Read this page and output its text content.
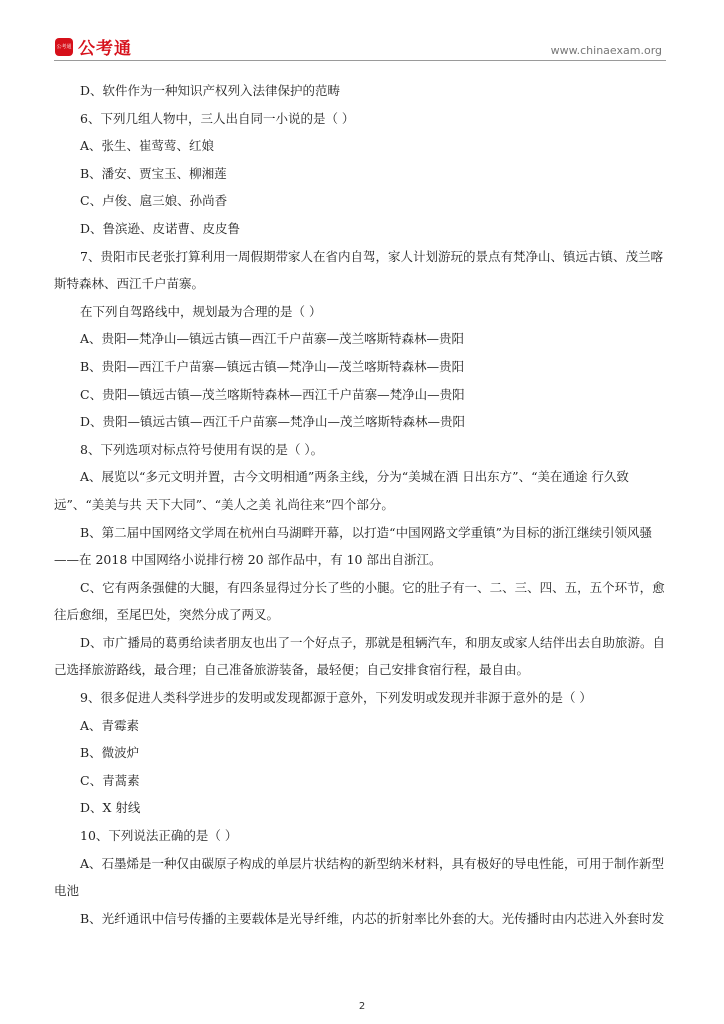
公考通 公考通	www.chinaexam.org
D、软件作为一种知识产权列入法律保护的范畴
6、下列几组人物中，三人出自同一小说的是（ ）
A、张生、崔莺莺、红娘
B、潘安、贾宝玉、柳湘莲
C、卢俊、扈三娘、孙尚香
D、鲁滨逊、皮诺曹、皮皮鲁
7、贵阳市民老张打算利用一周假期带家人在省内自驾，家人计划游玩的景点有梵净山、镇远古镇、茂兰喀
斯特森林、西江千户苗寨。
在下列自驾路线中，规划最为合理的是（ ）
A、贵阳—梵净山—镇远古镇—西江千户苗寨—茂兰喀斯特森林—贵阳
B、贵阳—西江千户苗寨—镇远古镇—梵净山—茂兰喀斯特森林—贵阳
C、贵阳—镇远古镇—茂兰喀斯特森林—西江千户苗寨—梵净山—贵阳
D、贵阳—镇远古镇—西江千户苗寨—梵净山—茂兰喀斯特森林—贵阳
8、下列选项对标点符号使用有误的是（ ）。
A、展览以“多元文明并置，古今文明相通”两条主线，分为“美城在酒 日出东方”、“美在通途 行久致
远”、“美美与共 天下大同”、“美人之美 礼尚往来”四个部分。
B、第二届中国网络文学周在杭州白马湖畔开幕，以打造“中国网路文学重镇”为目标的浙江继续引领风骚
——在 2018 中国网络小说排行榜 20 部作品中，有 10 部出自浙江。
C、它有两条强健的大腿，有四条显得过分长了些的小腿。它的肚子有一、二、三、四、五，五个环节，愈
往后愈细，至尾巴处，突然分成了两叉。
D、市广播局的葛勇给读者朋友也出了一个好点子，那就是租辆汽车，和朋友或家人结伴出去自助旅游。自
己选择旅游路线，最合理；自己准备旅游装备，最轻便；自己安排食宿行程，最自由。
9、很多促进人类科学进步的发明或发现都源于意外，下列发明或发现并非源于意外的是（ ）
A、青霉素
B、微波炉
C、青蒿素
D、X 射线
10、下列说法正确的是（ ）
A、石墨烯是一种仅由碳原子构成的单层片状结构的新型纳米材料，具有极好的导电性能，可用于制作新型
电池
B、光纤通讯中信号传播的主要载体是光导纤维，内芯的折射率比外套的大。光传播时由内芯进入外套时发
2
